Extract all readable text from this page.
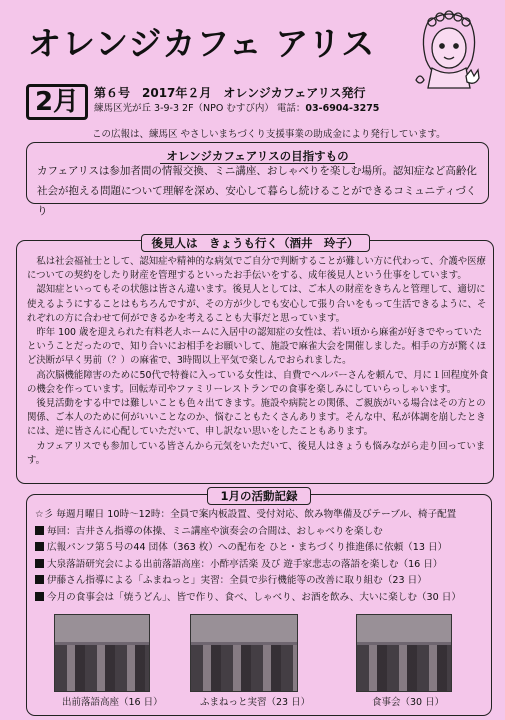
オレンジカフェ アリス
2月	第６号　2017年２月　オレンジカフェアリス発行
練馬区光が丘 3-9-3 2F（NPO むすび内） 電話：03-6904-3275
この広報は、練馬区 やさしいまちづくり支援事業の助成金により発行しています。
オレンジカフェアリスの目指すもの
カフェアリスは参加者間の情報交換、ミニ講座、おしゃべりを楽しむ場所。認知症など高齢化社会が抱える問題について理解を深め、安心して暮らし続けることができるコミュニティづくり
後見人は　きょうも行く（酒井　玲子）

私は社会福祉士として、認知症や精神的な病気でご自分で判断することが難しい方に代わって、介護や医療についての契約をしたり財産を管理するといったお手伝いをする、成年後見人という仕事をしています。

認知症といってもその状態は皆さん違います。後見人としては、ご本人の財産をきちんと管理して、適切に使えるようにすることはもちろんですが、その方が少しでも安心して張り合いをもって生活できるように、それぞれの方に合わせて何ができるかを考えることも大事だと思っています。

昨年 100 歳を迎えられた有料老人ホームに入居中の認知症の女性は、若い頃から麻雀が好きでやっていたということだったので、知り合いにお相手をお願いして、施設で麻雀大会を開催しました。相手の方が驚くほど決断が早く男前（？）の麻雀で、3時間以上平気で楽しんでおられました。

高次脳機能障害のために50代で特養に入っている女性は、自費でヘルパーさんを頼んで、月に１回程度外食の機会を作っています。回転寿司やファミリーレストランでの食事を楽しみにしていらっしゃいます。

後見活動をする中では難しいことも色々出てきます。施設や病院との関係、ご親族がいる場合はその方との関係、ご本人のために何がいいことなのか、悩むこともたくさんあります。そんな中、私が体調を崩したときには、逆に皆さんに心配していただいて、申し訳ない思いをしたこともあります。

カフェアリスでも参加している皆さんから元気をいただいて、後見人はきょうも悩みながら走り回っています。

1月の活動記録
☆彡 毎週月曜日 10時～12時：全員で案内板設置、受付対応、飲み物準備及びテーブル、椅子配置
毎回：吉井さん指導の体操、ミニ講座や演奏会の合間は、おしゃべりを楽しむ
広報パンフ第５号の44 団体（363 枚）への配布を ひと・まちづくり推進係に依頼（13 日）
大泉落語研究会による出前落語高座：小酢亭活楽 及び 遊手家悲志の落語を楽しむ（16 日）
伊藤さん指導による「ふまねっと」実習：全員で歩行機能等の改善に取り組む（23 日）
今月の食事会は「焼うどん」、皆で作り、食べ、しゃべり、お酒を飲み、大いに楽しむ（30 日）
出前落語高座（16 日）	ふまねっと実習（23 日）	食事会（30 日）
